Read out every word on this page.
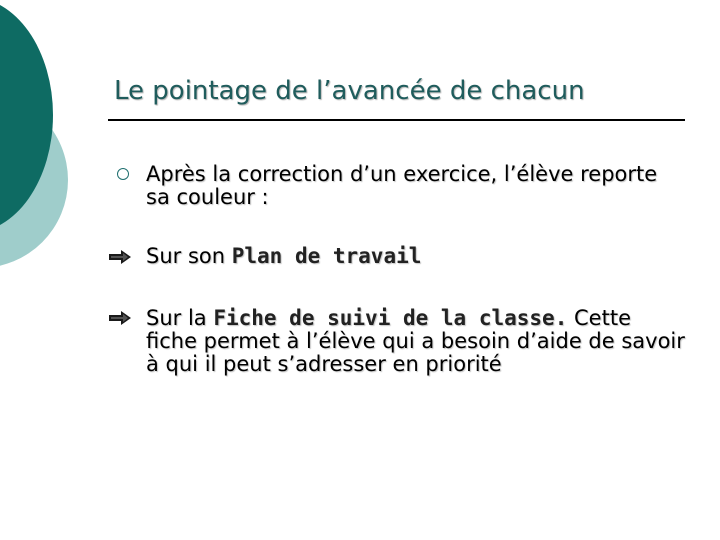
Le pointage de l’avancée de chacun
Après la correction d’un exercice, l’élève reporte sa couleur :
Sur son Plan de travail
Sur la Fiche de suivi de la classe. Cette fiche permet à l’élève qui a besoin d’aide de savoir à qui il peut s’adresser en priorité
